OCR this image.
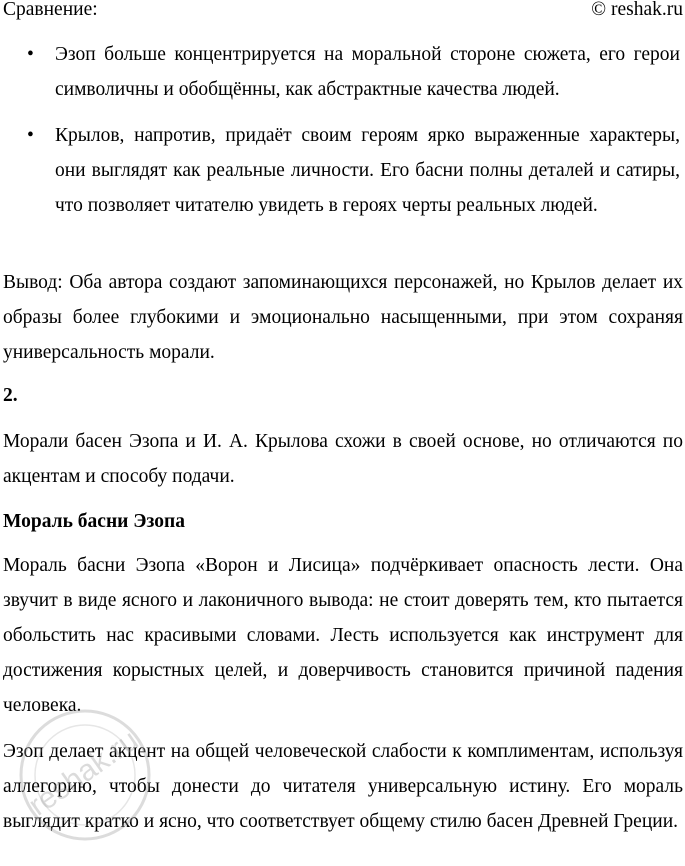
Сравнение:	© reshak.ru
• Эзоп больше концентрируется на моральной стороне сюжета, его герои символичны и обобщённы, как абстрактные качества людей.
• Крылов, напротив, придаёт своим героям ярко выраженные характеры, они выглядят как реальные личности. Его басни полны деталей и сатиры, что позволяет читателю увидеть в героях черты реальных людей.

Вывод: Оба автора создают запоминающихся персонажей, но Крылов делает их образы более глубокими и эмоционально насыщенными, при этом сохраняя универсальность морали.

2.

Морали басен Эзопа и И. А. Крылова схожи в своей основе, но отличаются по акцентам и способу подачи.

Мораль басни Эзопа

Мораль басни Эзопа «Ворон и Лисица» подчёркивает опасность лести. Она звучит в виде ясного и лаконичного вывода: не стоит доверять тем, кто пытается обольстить нас красивыми словами. Лесть используется как инструмент для достижения корыстных целей, и доверчивость становится причиной падения человека.

Эзоп делает акцент на общей человеческой слабости к комплиментам, используя аллегорию, чтобы донести до читателя универсальную истину. Его мораль выглядит кратко и ясно, что соответствует общему стилю басен Древней Греции.

reshak.ru
